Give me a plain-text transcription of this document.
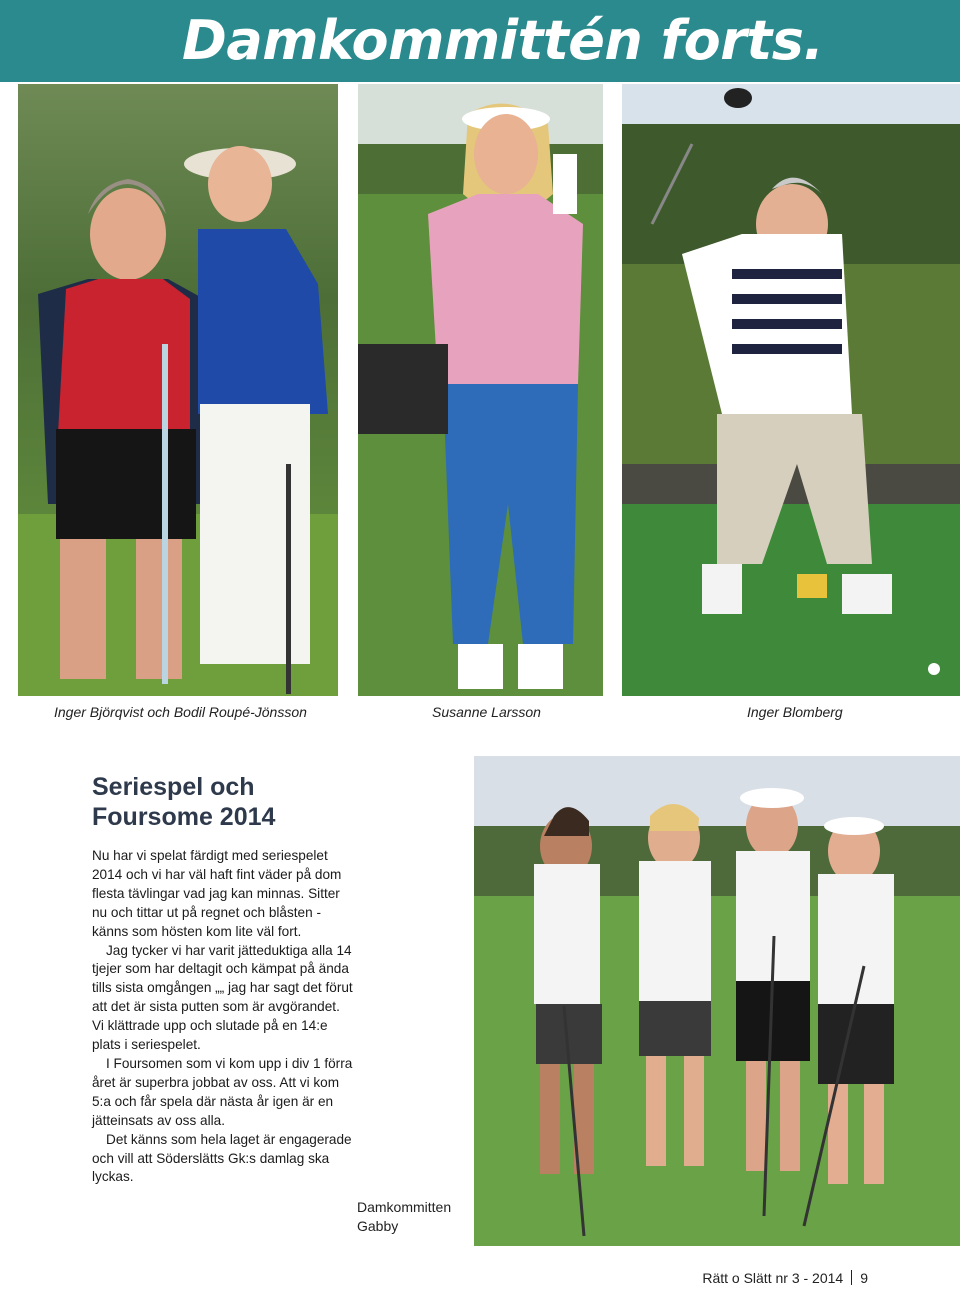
Damkommittén forts.
Inger Björqvist och Bodil Roupé-Jönsson	Susanne Larsson	Inger Blomberg
Seriespel och
Foursome 2014

Nu har vi spelat färdigt med seriespelet 2014 och vi har väl haft fint väder på dom flesta tävlingar vad jag kan minnas. Sitter nu och tittar ut på regnet och blåsten - känns som hösten kom lite väl fort.

Jag tycker vi har varit jätteduktiga alla 14 tjejer som har deltagit och kämpat på ända tills sista omgången „„ jag har sagt det förut att det är sista putten som är avgörandet. Vi klättrade upp och slutade på en 14:e plats i seriespelet.

I Foursomen som vi kom upp i div 1 förra året är superbra jobbat av oss. Att vi kom 5:a och får spela där nästa år igen är en jätteinsats av oss alla.

Det känns som hela laget är engagerade och vill att Söderslätts Gk:s damlag ska lyckas.

Damkommitten
Gabby
Rätt o Slätt nr 3 - 2014 9
